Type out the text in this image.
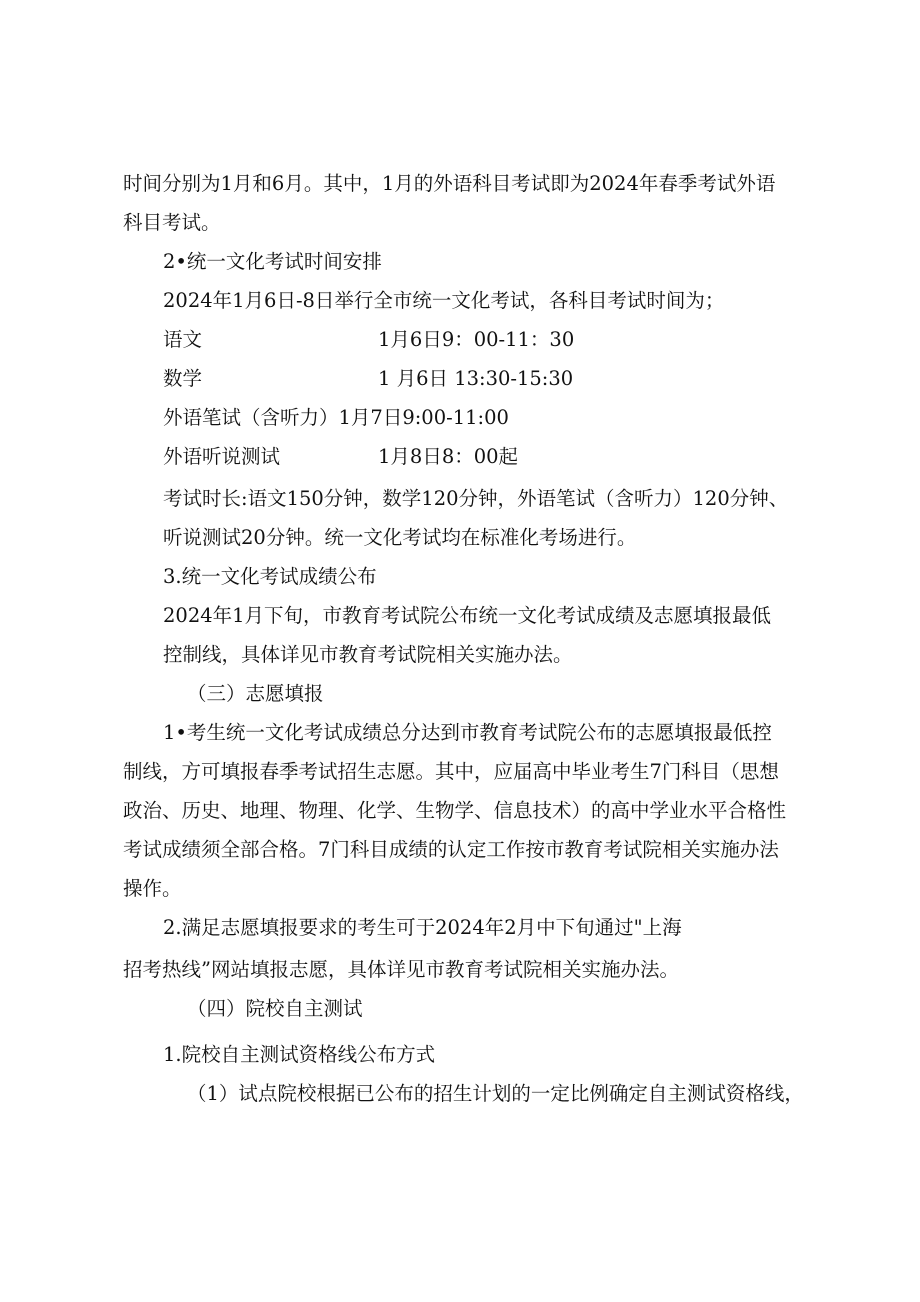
时间分别为1月和6月。其中，1月的外语科目考试即为2024年春季考试外语
科目考试。
2•统一文化考试时间安排
2024年1月6日-8日举行全市统一文化考试，各科目考试时间为；
语文	1月6日9：00-11：30
数学	1 月6日 13:30-15:30
外语笔试（含听力）1月7日9:00-11:00
外语听说测试	1月8日8：00起
考试时长:语文150分钟，数学120分钟，外语笔试（含听力）120分钟、
听说测试20分钟。统一文化考试均在标准化考场进行。
3.统一文化考试成绩公布
2024年1月下旬，市教育考试院公布统一文化考试成绩及志愿填报最低
控制线，具体详见市教育考试院相关实施办法。
（三）志愿填报
1•考生统一文化考试成绩总分达到市教育考试院公布的志愿填报最低控
制线，方可填报春季考试招生志愿。其中，应届高中毕业考生7门科目（思想
政治、历史、地理、物理、化学、生物学、信息技术）的高中学业水平合格性
考试成绩须全部合格。7门科目成绩的认定工作按市教育考试院相关实施办法
操作。
2.满足志愿填报要求的考生可于2024年2月中下旬通过"上海
招考热线”网站填报志愿，具体详见市教育考试院相关实施办法。
（四）院校自主测试
1.院校自主测试资格线公布方式
（1）试点院校根据已公布的招生计划的一定比例确定自主测试资格线，
